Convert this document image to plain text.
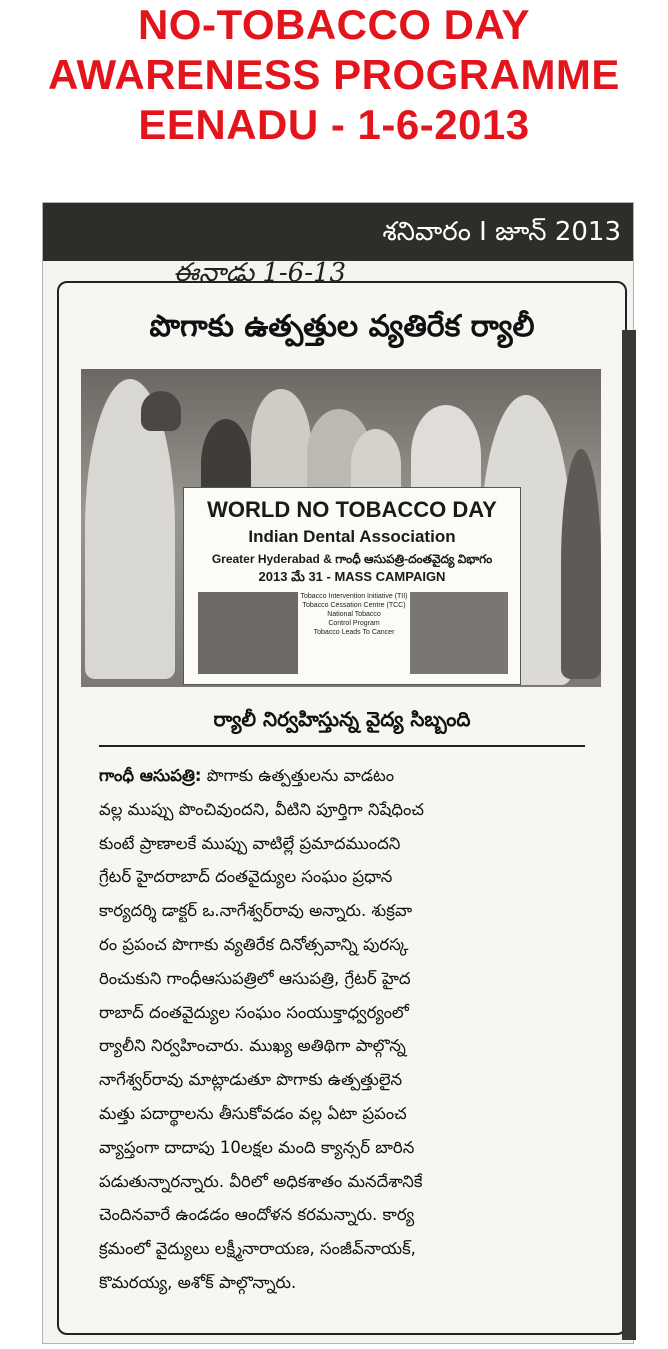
NO-TOBACCO DAY
AWARENESS PROGRAMME
EENADU - 1-6-2013
శనివారం I జూన్ 2013
పొగాకు ఉత్పత్తుల వ్యతిరేక ర్యాలీ
WORLD NO TOBACCO DAY
Indian Dental Association
Greater Hyderabad & గాంధీ ఆసుపత్రి-దంతవైద్య విభాగం
2013 మే 31 - MASS CAMPAIGN
Tobacco Intervention Initiative (TII)
Tobacco Cessation Centre (TCC)
National Tobacco
Control Program
Tobacco Leads To Cancer
ర్యాలీ నిర్వహిస్తున్న వైద్య సిబ్బంది
గాంధీ ఆసుపత్రి: పొగాకు ఉత్పత్తులను వాడటం
వల్ల ముప్పు పొంచివుందని, వీటిని పూర్తిగా నిషేధించ
కుంటే ప్రాణాలకే ముప్పు వాటిల్లే ప్రమాదముందని
గ్రేటర్ హైదరాబాద్ దంతవైద్యుల సంఘం ప్రధాన
కార్యదర్శి డాక్టర్ ఒ.నాగేశ్వర్‌రావు అన్నారు. శుక్రవా
రం ప్రపంచ పొగాకు వ్యతిరేక దినోత్సవాన్ని పురస్క
రించుకుని గాంధీఆసుపత్రిలో ఆసుపత్రి, గ్రేటర్ హైద
రాబాద్ దంతవైద్యుల సంఘం సంయుక్తాధ్వర్యంలో
ర్యాలీని నిర్వహించారు. ముఖ్య అతిథిగా పాల్గొన్న
నాగేశ్వర్‌రావు మాట్లాడుతూ పొగాకు ఉత్పత్తులైన
మత్తు పదార్థాలను తీసుకోవడం వల్ల ఏటా ప్రపంచ
వ్యాప్తంగా దాదాపు 10లక్షల మంది క్యాన్సర్ బారిన
పడుతున్నారన్నారు. వీరిలో అధికశాతం మనదేశానికే
చెందినవారే ఉండడం ఆందోళన కరమన్నారు. కార్య
క్రమంలో వైద్యులు లక్ష్మీనారాయణ, సంజీవ్‌నాయక్,
కొమరయ్య, అశోక్ పాల్గొన్నారు.
ఈనాడు 1-6-13
